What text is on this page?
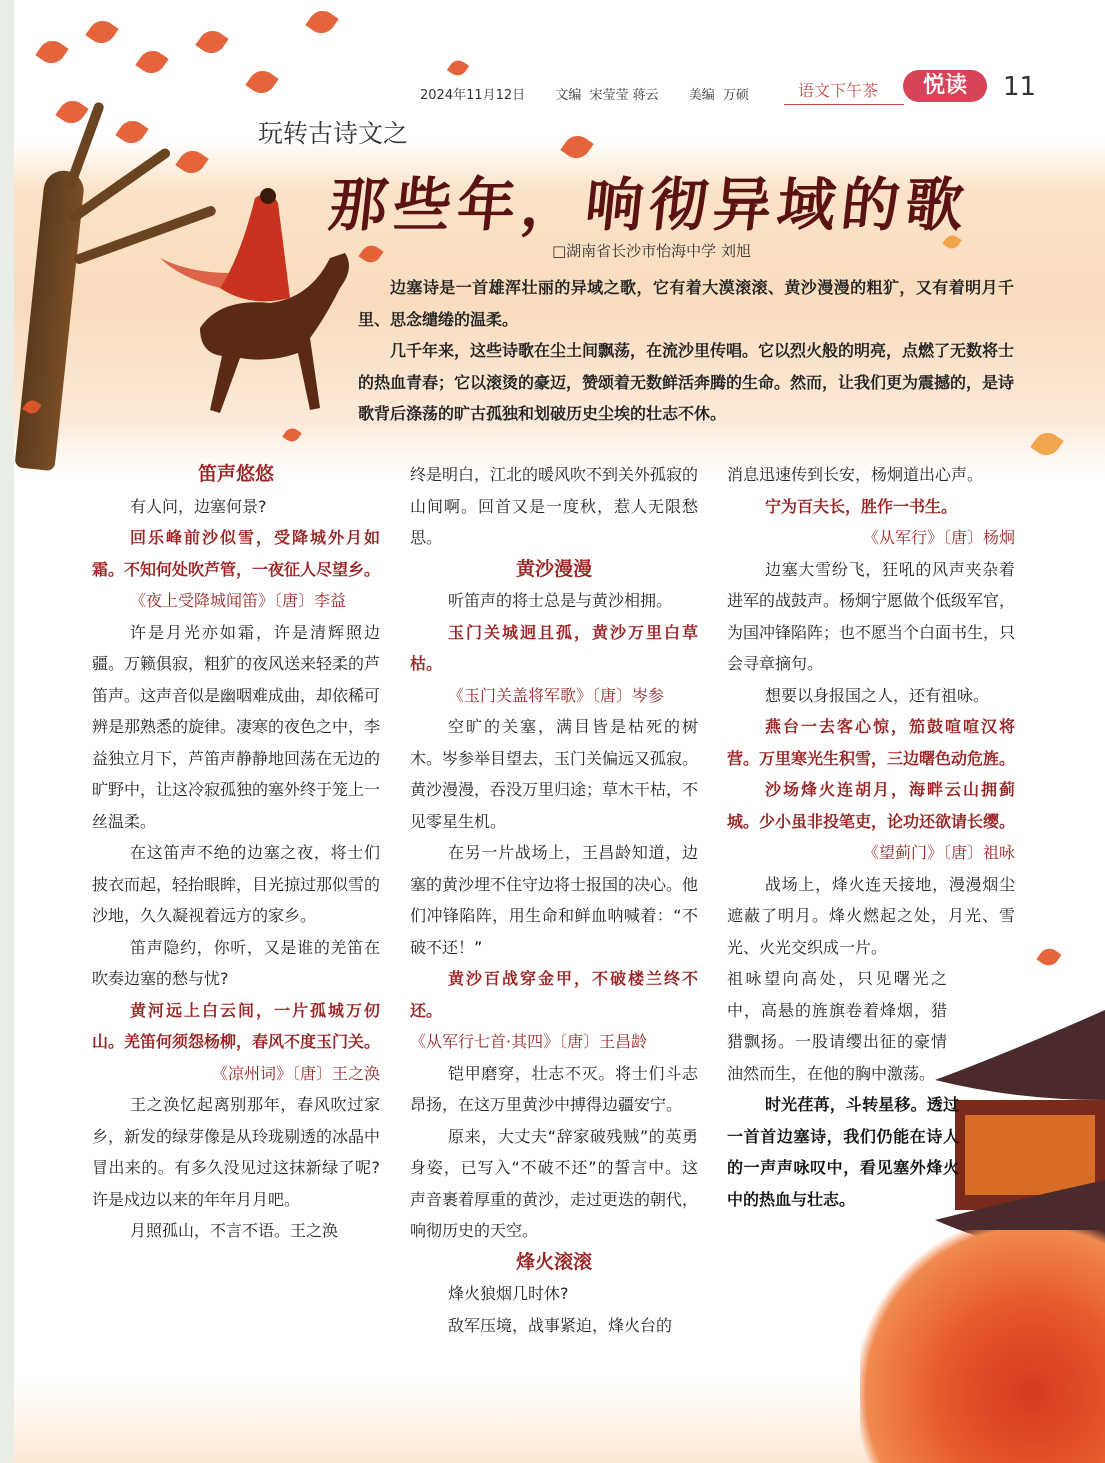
2024年11月12日 文编 宋莹莹 蒋云 美编 万硕	语文下午茶	悦读	11
玩转古诗文之
那些年，响彻异域的歌
□湖南省长沙市怡海中学 刘旭

边塞诗是一首雄浑壮丽的异域之歌，它有着大漠滚滚、黄沙漫漫的粗犷，又有着明月千里、思念缱绻的温柔。

几千年来，这些诗歌在尘土间飘荡，在流沙里传唱。它以烈火般的明亮，点燃了无数将士的热血青春；它以滚烫的豪迈，赞颂着无数鲜活奔腾的生命。然而，让我们更为震撼的，是诗歌背后涤荡的旷古孤独和划破历史尘埃的壮志不休。

笛声悠悠

有人问，边塞何景?

回乐峰前沙似雪，受降城外月如霜。不知何处吹芦管，一夜征人尽望乡。

《夜上受降城闻笛》〔唐〕李益

许是月光亦如霜，许是清辉照边疆。万籁俱寂，粗犷的夜风送来轻柔的芦笛声。这声音似是幽咽难成曲，却依稀可辨是那熟悉的旋律。凄寒的夜色之中，李益独立月下，芦笛声静静地回荡在无边的旷野中，让这冷寂孤独的塞外终于笼上一丝温柔。

在这笛声不绝的边塞之夜，将士们披衣而起，轻抬眼眸，目光掠过那似雪的沙地，久久凝视着远方的家乡。

笛声隐约，你听，又是谁的羌笛在吹奏边塞的愁与忧?

黄河远上白云间，一片孤城万仞山。羌笛何须怨杨柳，春风不度玉门关。

《凉州词》〔唐〕王之涣

王之涣忆起离别那年，春风吹过家乡，新发的绿芽像是从玲珑剔透的冰晶中冒出来的。有多久没见过这抹新绿了呢? 许是戍边以来的年年月月吧。

月照孤山，不言不语。王之涣

终是明白，江北的暖风吹不到关外孤寂的山间啊。回首又是一度秋，惹人无限愁思。

黄沙漫漫

听笛声的将士总是与黄沙相拥。

玉门关城迥且孤，黄沙万里白草枯。

《玉门关盖将军歌》〔唐〕岑参

空旷的关塞，满目皆是枯死的树木。岑参举目望去，玉门关偏远又孤寂。黄沙漫漫，吞没万里归途；草木干枯，不见零星生机。

在另一片战场上，王昌龄知道，边塞的黄沙埋不住守边将士报国的决心。他们冲锋陷阵，用生命和鲜血呐喊着：“不破不还！”

黄沙百战穿金甲，不破楼兰终不还。

《从军行七首·其四》〔唐〕王昌龄

铠甲磨穿，壮志不灭。将士们斗志昂扬，在这万里黄沙中搏得边疆安宁。

原来，大丈夫“辞家破残贼”的英勇身姿，已写入“不破不还”的誓言中。这声音裹着厚重的黄沙，走过更迭的朝代，响彻历史的天空。

烽火滚滚

烽火狼烟几时休?

敌军压境，战事紧迫，烽火台的

消息迅速传到长安，杨炯道出心声。

宁为百夫长，胜作一书生。

《从军行》〔唐〕杨炯

边塞大雪纷飞，狂吼的风声夹杂着进军的战鼓声。杨炯宁愿做个低级军官，为国冲锋陷阵；也不愿当个白面书生，只会寻章摘句。

想要以身报国之人，还有祖咏。

燕台一去客心惊，笳鼓喧喧汉将营。万里寒光生积雪，三边曙色动危旌。

沙场烽火连胡月，海畔云山拥蓟城。少小虽非投笔吏，论功还欲请长缨。

《望蓟门》〔唐〕祖咏

战场上，烽火连天接地，漫漫烟尘遮蔽了明月。烽火燃起之处，月光、雪光、火光交织成一片。

祖咏望向高处，只见曙光之中，高悬的旌旗卷着烽烟，猎猎飘扬。一股请缨出征的豪情油然而生，在他的胸中激荡。

时光荏苒，斗转星移。透过一首首边塞诗，我们仍能在诗人的一声声咏叹中，看见塞外烽火中的热血与壮志。
